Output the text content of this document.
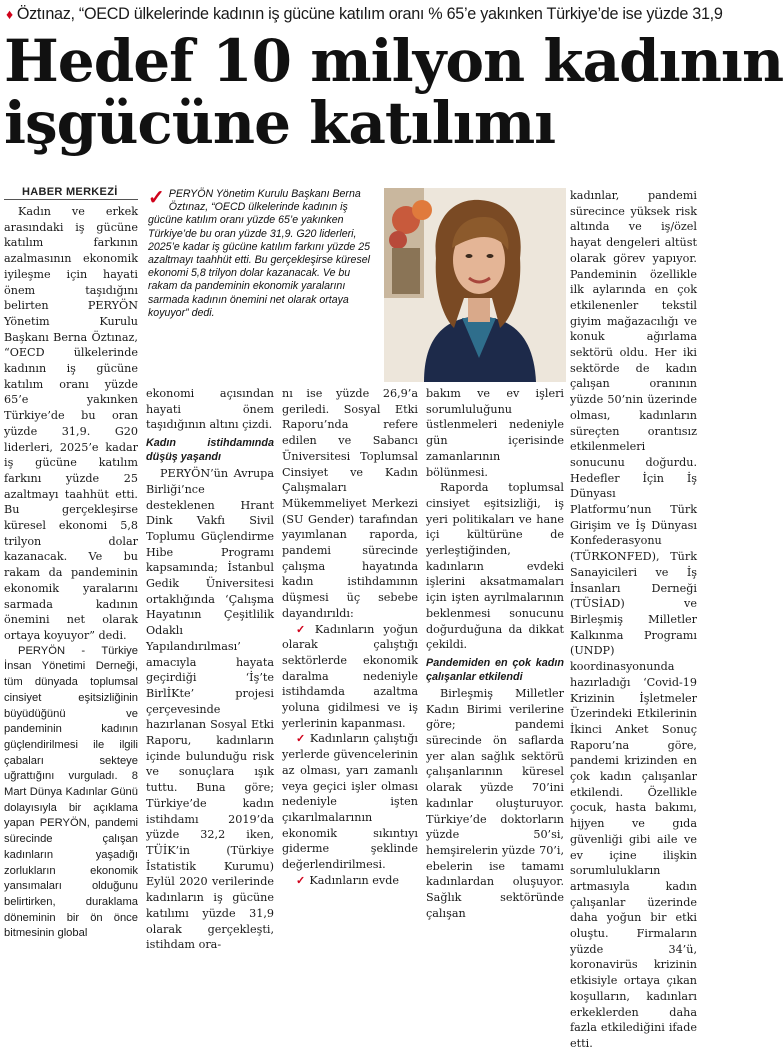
♦ Öztınaz, “OECD ülkelerinde kadının iş gücüne katılım oranı % 65’e yakınken Türkiye’de ise yüzde 31,9
Hedef 10 milyon kadının
işgücüne katılımı
HABER MERKEZİ

Kadın ve erkek arasındaki iş gücüne katılım farkının azalmasının ekonomik iyileşme için hayati önem taşıdığını belirten PERYÖN Yönetim Kurulu Başkanı Berna Öztınaz, “OECD ülkelerinde kadının iş gücüne katılım oranı yüzde 65’e yakınken Türkiye’de bu oran yüzde 31,9. G20 liderleri, 2025’e kadar iş gücüne katılım farkını yüzde 25 azaltmayı taahhüt etti. Bu gerçekleşirse küresel ekonomi 5,8 trilyon dolar kazanacak. Ve bu rakam da pandeminin ekonomik yaralarını sarmada kadının önemini net olarak ortaya koyuyor” dedi.

PERYÖN - Türkiye İnsan Yönetimi Derneği, tüm dünyada toplumsal cinsiyet eşitsizliğinin büyüdüğünü ve pandeminin kadının güçlendirilmesi ile ilgili çabaları sekteye uğrattığını vurguladı. 8 Mart Dünya Kadınlar Günü dolayısıyla bir açıklama yapan PERYÖN, pandemi sürecinde çalışan kadınların yaşadığı zorlukların ekonomik yansımaları olduğunu belirtirken, duraklama döneminin bir ön önce bitmesinin global

✓ PERYÖN Yönetim Kurulu Başkanı Berna Öztınaz, “OECD ülkelerinde kadının iş gücüne katılım oranı yüzde 65’e yakınken Türkiye’de bu oran yüzde 31,9. G20 liderleri, 2025’e kadar iş gücüne katılım farkını yüzde 25 azaltmayı taahhüt etti. Bu gerçekleşirse küresel ekonomi 5,8 trilyon dolar kazanacak. Ve bu rakam da pandeminin ekonomik yaralarını sarmada kadının önemini net olarak ortaya koyuyor” dedi.

ekonomi açısından hayati önem taşıdığının altını çizdi.

Kadın istihdamında düşüş yaşandı

PERYÖN’ün Avrupa Birliği’nce desteklenen Hrant Dink Vakfı Sivil Toplumu Güçlendirme Hibe Programı kapsamında; İstanbul Gedik Üniversitesi ortaklığında ‘Çalışma Hayatının Çeşitlilik Odaklı Yapılandırılması’ amacıyla hayata geçirdiği ‘İş’te BirlİKte’ projesi çerçevesinde hazırlanan Sosyal Etki Raporu, kadınların içinde bulunduğu risk ve sonuçlara ışık tuttu. Buna göre; Türkiye’de kadın istihdamı 2019’da yüzde 32,2 iken, TÜİK’in (Türkiye İstatistik Kurumu) Eylül 2020 verilerinde kadınların iş gücüne katılımı yüzde 31,9 olarak gerçekleşti, istihdam ora-

nı ise yüzde 26,9’a geriledi. Sosyal Etki Raporu’nda refere edilen ve Sabancı Üniversitesi Toplumsal Cinsiyet ve Kadın Çalışmaları Mükemmeliyet Merkezi (SU Gender) tarafından yayımlanan raporda, pandemi sürecinde çalışma hayatında kadın istihdamının düşmesi üç sebebe dayandırıldı:

✓ Kadınların yoğun olarak çalıştığı sektörlerde ekonomik daralma nedeniyle istihdamda azaltma yoluna gidilmesi ve iş yerlerinin kapanması.

✓ Kadınların çalıştığı yerlerde güvencelerinin az olması, yarı zamanlı veya geçici işler olması nedeniyle işten çıkarılmalarının ekonomik sıkıntıyı giderme şeklinde değerlendirilmesi.

✓ Kadınların evde

bakım ve ev işleri sorumluluğunu üstlenmeleri nedeniyle gün içerisinde zamanlarının bölünmesi.

Raporda toplumsal cinsiyet eşitsizliği, iş yeri politikaları ve hane içi kültürüne de yerleştiğinden, kadınların evdeki işlerini aksatmamaları için işten ayrılmalarının beklenmesi sonucunu doğurduğuna da dikkat çekildi.

Pandemiden en çok kadın çalışanlar etkilendi

Birleşmiş Milletler Kadın Birimi verilerine göre; pandemi sürecinde ön saflarda yer alan sağlık sektörü çalışanlarının küresel olarak yüzde 70’ini kadınlar oluşturuyor. Türkiye’de doktorların yüzde 50’si, hemşirelerin yüzde 70’i, ebelerin ise tamamı kadınlardan oluşuyor. Sağlık sektöründe çalışan

kadınlar, pandemi sürecince yüksek risk altında ve iş/özel hayat dengeleri altüst olarak görev yapıyor. Pandeminin özellikle ilk aylarında en çok etkilenenler tekstil giyim mağazacılığı ve konuk ağırlama sektörü oldu. Her iki sektörde de kadın çalışan oranının yüzde 50’nin üzerinde olması, kadınların süreçten orantısız etkilenmeleri sonucunu doğurdu. Hedefler İçin İş Dünyası Platformu’nun Türk Girişim ve İş Dünyası Konfederasyonu (TÜRKONFED), Türk Sanayicileri ve İş İnsanları Derneği (TÜSİAD) ve Birleşmiş Milletler Kalkınma Programı (UNDP) koordinasyonunda hazırladığı ‘Covid-19 Krizinin İşletmeler Üzerindeki Etkilerinin İkinci Anket Sonuç Raporu’na göre, pandemi krizinden en çok kadın çalışanlar etkilendi. Özellikle çocuk, hasta bakımı, hijyen ve gıda güvenliği gibi aile ve ev içine ilişkin sorumlulukların artmasıyla kadın çalışanlar üzerinde daha yoğun bir etki oluştu. Firmaların yüzde 34’ü, koronavirüs krizinin etkisiyle ortaya çıkan koşulların, kadınları erkeklerden daha fazla etkilediğini ifade etti.
